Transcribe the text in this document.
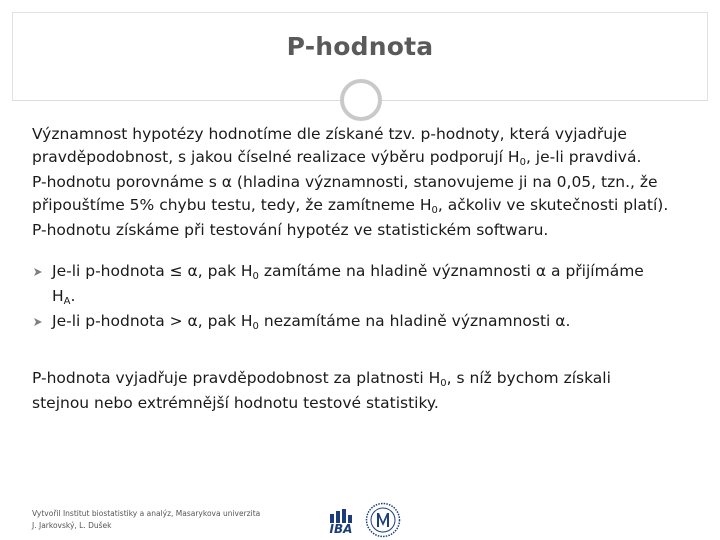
P-hodnota

Významnost hypotézy hodnotíme dle získané tzv. p-hodnoty, která vyjadřuje
pravděpodobnost, s jakou číselné realizace výběru podporují H0, je-li pravdivá.
P-hodnotu porovnáme s α (hladina významnosti, stanovujeme ji na 0,05, tzn., že
připouštíme 5% chybu testu, tedy, že zamítneme H0, ačkoliv ve skutečnosti platí).
P-hodnotu získáme při testování hypotéz ve statistickém softwaru.

Je-li p-hodnota ≤ α, pak H0 zamítáme na hladině významnosti α a přijímáme
HA.
Je-li p-hodnota > α, pak H0 nezamítáme na hladině významnosti α.

P-hodnota vyjadřuje pravděpodobnost za platnosti H0, s níž bychom získali
stejnou nebo extrémnější hodnotu testové statistiky.

Vytvořil Institut biostatistiky a analýz, Masarykova univerzita
J. Jarkovský, L. Dušek	IBA
